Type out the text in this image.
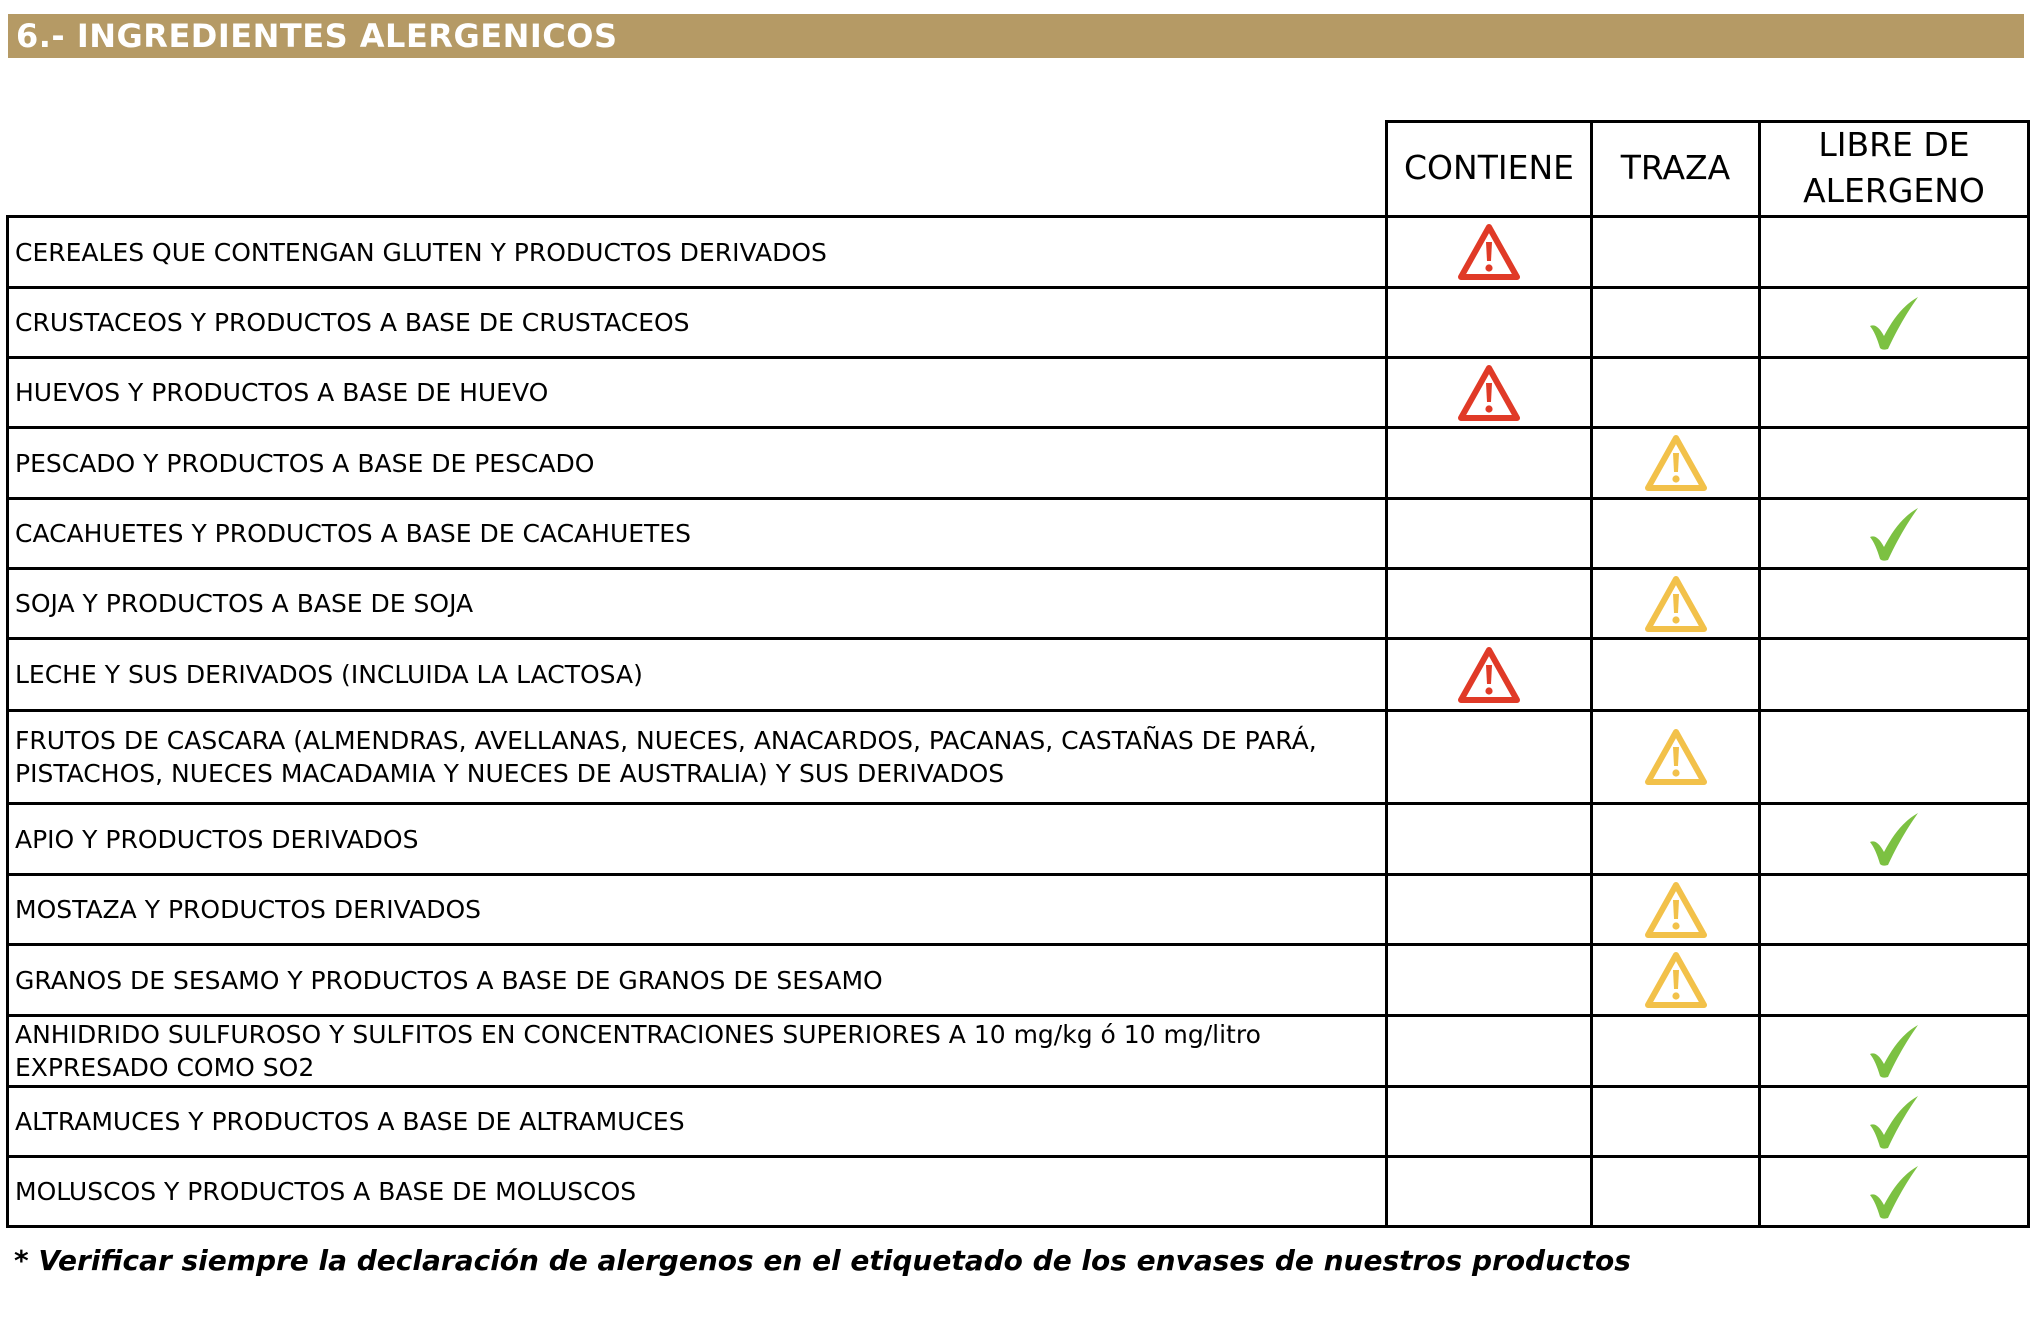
6.- INGREDIENTES ALERGENICOS
CONTIENE	TRAZA
LIBRE DE
ALERGENO
CEREALES QUE CONTENGAN GLUTEN Y PRODUCTOS DERIVADOS
CRUSTACEOS Y PRODUCTOS A BASE DE CRUSTACEOS
HUEVOS Y PRODUCTOS A BASE DE HUEVO
PESCADO Y PRODUCTOS A BASE DE PESCADO
CACAHUETES Y PRODUCTOS A BASE DE CACAHUETES
SOJA Y PRODUCTOS A BASE DE SOJA
LECHE Y SUS DERIVADOS (INCLUIDA LA LACTOSA)
FRUTOS DE CASCARA (ALMENDRAS, AVELLANAS, NUECES, ANACARDOS, PACANAS, CASTAÑAS DE PARÁ,
PISTACHOS, NUECES MACADAMIA Y NUECES DE AUSTRALIA) Y SUS DERIVADOS
APIO Y PRODUCTOS DERIVADOS
MOSTAZA Y PRODUCTOS DERIVADOS
GRANOS DE SESAMO Y PRODUCTOS A BASE DE GRANOS DE SESAMO
ANHIDRIDO SULFUROSO Y SULFITOS EN CONCENTRACIONES SUPERIORES A 10 mg/kg ó 10 mg/litro
EXPRESADO COMO SO2
ALTRAMUCES Y PRODUCTOS A BASE DE ALTRAMUCES
MOLUSCOS Y PRODUCTOS A BASE DE MOLUSCOS
* Verificar siempre la declaración de alergenos en el etiquetado de los envases de nuestros productos
